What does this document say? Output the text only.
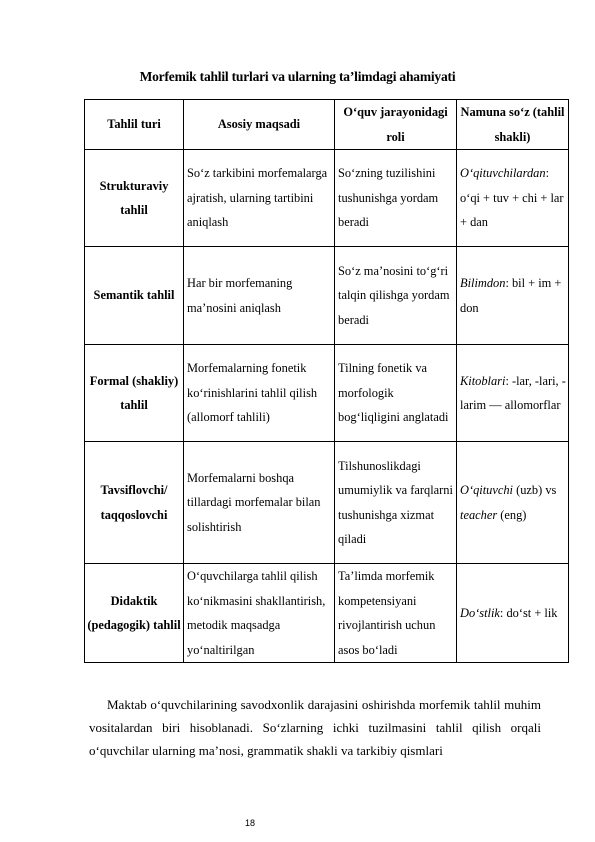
Morfemik tahlil turlari va ularning ta’limdagi ahamiyati
Tahlil turi	Asosiy maqsadi	O‘quv jarayonidagi roli	Namuna so‘z (tahlil shakli)
Strukturaviy tahlil	So‘z tarkibini morfemalarga ajratish, ularning tartibini aniqlash	So‘zning tuzilishini tushunishga yordam beradi	O‘qituvchilardan: o‘qi + tuv + chi + lar + dan
Semantik tahlil	Har bir morfemaning ma’nosini aniqlash	So‘z ma’nosini to‘g‘ri talqin qilishga yordam beradi	Bilimdon: bil + im + don
Formal (shakliy) tahlil	Morfemalarning fonetik ko‘rinishlarini tahlil qilish (allomorf tahlili)	Tilning fonetik va morfologik bog‘liqligini anglatadi	Kitoblari: -lar, -lari, -larim — allomorflar
Tavsiflovchi/ taqqoslovchi	Morfemalarni boshqa tillardagi morfemalar bilan solishtirish	Tilshunoslikdagi umumiylik va farqlarni tushunishga xizmat qiladi	O‘qituvchi (uzb) vs teacher (eng)
Didaktik (pedagogik) tahlil	O‘quvchilarga tahlil qilish ko‘nikmasini shakllantirish, metodik maqsadga yo‘naltirilgan	Ta’limda morfemik kompetensiyani rivojlantirish uchun asos bo‘ladi	Do‘stlik: do‘st + lik
Maktab o‘quvchilarining savodxonlik darajasini oshirishda morfemik tahlil muhim vositalardan biri hisoblanadi. So‘zlarning ichki tuzilmasini tahlil qilish orqali o‘quvchilar ularning ma’nosi, grammatik shakli va tarkibiy qismlari
18
